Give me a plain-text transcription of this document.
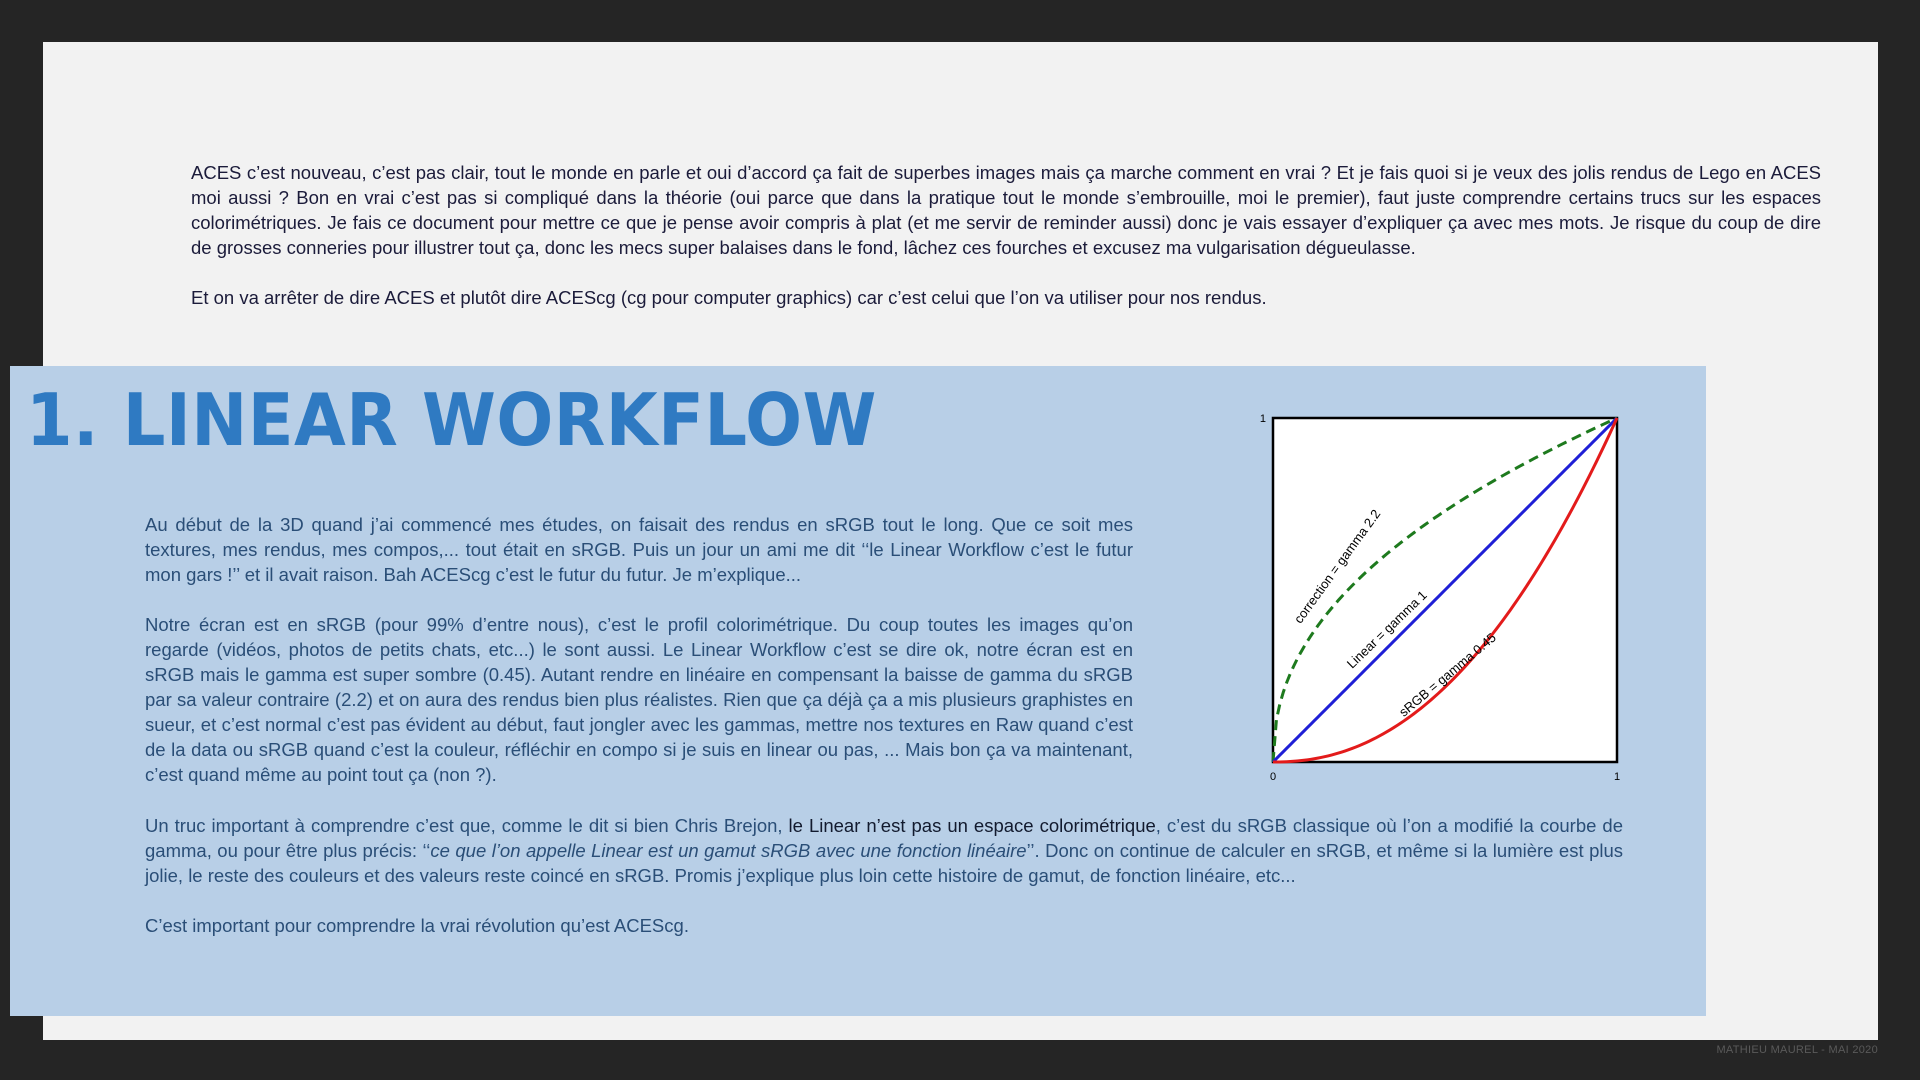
ACES c’est nouveau, c’est pas clair, tout le monde en parle et oui d’accord ça fait de superbes images mais ça marche comment en vrai ? Et je fais quoi si je veux des jolis rendus de Lego en ACES moi aussi ? Bon en vrai c’est pas si compliqué dans la théorie (oui parce que dans la pratique tout le monde s’embrouille, moi le premier), faut juste comprendre certains trucs sur les espaces colorimétriques. Je fais ce document pour mettre ce que je pense avoir compris à plat (et me servir de reminder aussi) donc je vais essayer d’expliquer ça avec mes mots. Je risque du coup de dire de grosses conneries pour illustrer tout ça, donc les mecs super balaises dans le fond, lâchez ces fourches et excusez ma vulgarisation dégueulasse.

Et on va arrêter de dire ACES et plutôt dire ACEScg (cg pour computer graphics) car c’est celui que l’on va utiliser pour nos rendus.

1. LINEAR WORKFLOW

Au début de la 3D quand j’ai commencé mes études, on faisait des rendus en sRGB tout le long. Que ce soit mes textures, mes rendus, mes compos,... tout était en sRGB. Puis un jour un ami me dit ‘‘le Linear Workflow c’est le futur mon gars !’’ et il avait raison. Bah ACEScg c’est le futur du futur. Je m’explique...

Notre écran est en sRGB (pour 99% d’entre nous), c’est le profil colorimétrique. Du coup toutes les images qu’on regarde (vidéos, photos de petits chats, etc...) le sont aussi. Le Linear Workflow c’est se dire ok, notre écran est en sRGB mais le gamma est super sombre (0.45). Autant rendre en linéaire en compensant la baisse de gamma du sRGB par sa valeur contraire (2.2) et on aura des rendus bien plus réalistes. Rien que ça déjà ça a mis plusieurs graphistes en sueur, et c’est normal c’est pas évident au début, faut jongler avec les gammas, mettre nos textures en Raw quand c’est de la data ou sRGB quand c’est la couleur, réfléchir en compo si je suis en linear ou pas, ... Mais bon ça va maintenant, c’est quand même au point tout ça (non ?).

Un truc important à comprendre c’est que, comme le dit si bien Chris Brejon, le Linear n’est pas un espace colorimétrique, c’est du sRGB classique où l’on a modifié la courbe de gamma, ou pour être plus précis: ‘‘ce que l’on appelle Linear est un gamut sRGB avec une fonction linéaire’’. Donc on continue de calculer en sRGB, et même si la lumière est plus jolie, le reste des couleurs et des valeurs reste coincé en sRGB. Promis j’explique plus loin cette histoire de gamut, de fonction linéaire, etc...

C’est important pour comprendre la vrai révolution qu’est ACEScg.

correction = gamma 2.2
Linear = gamma 1
sRGB = gamma 0.45
0	1
1
MATHIEU MAUREL - MAI 2020
